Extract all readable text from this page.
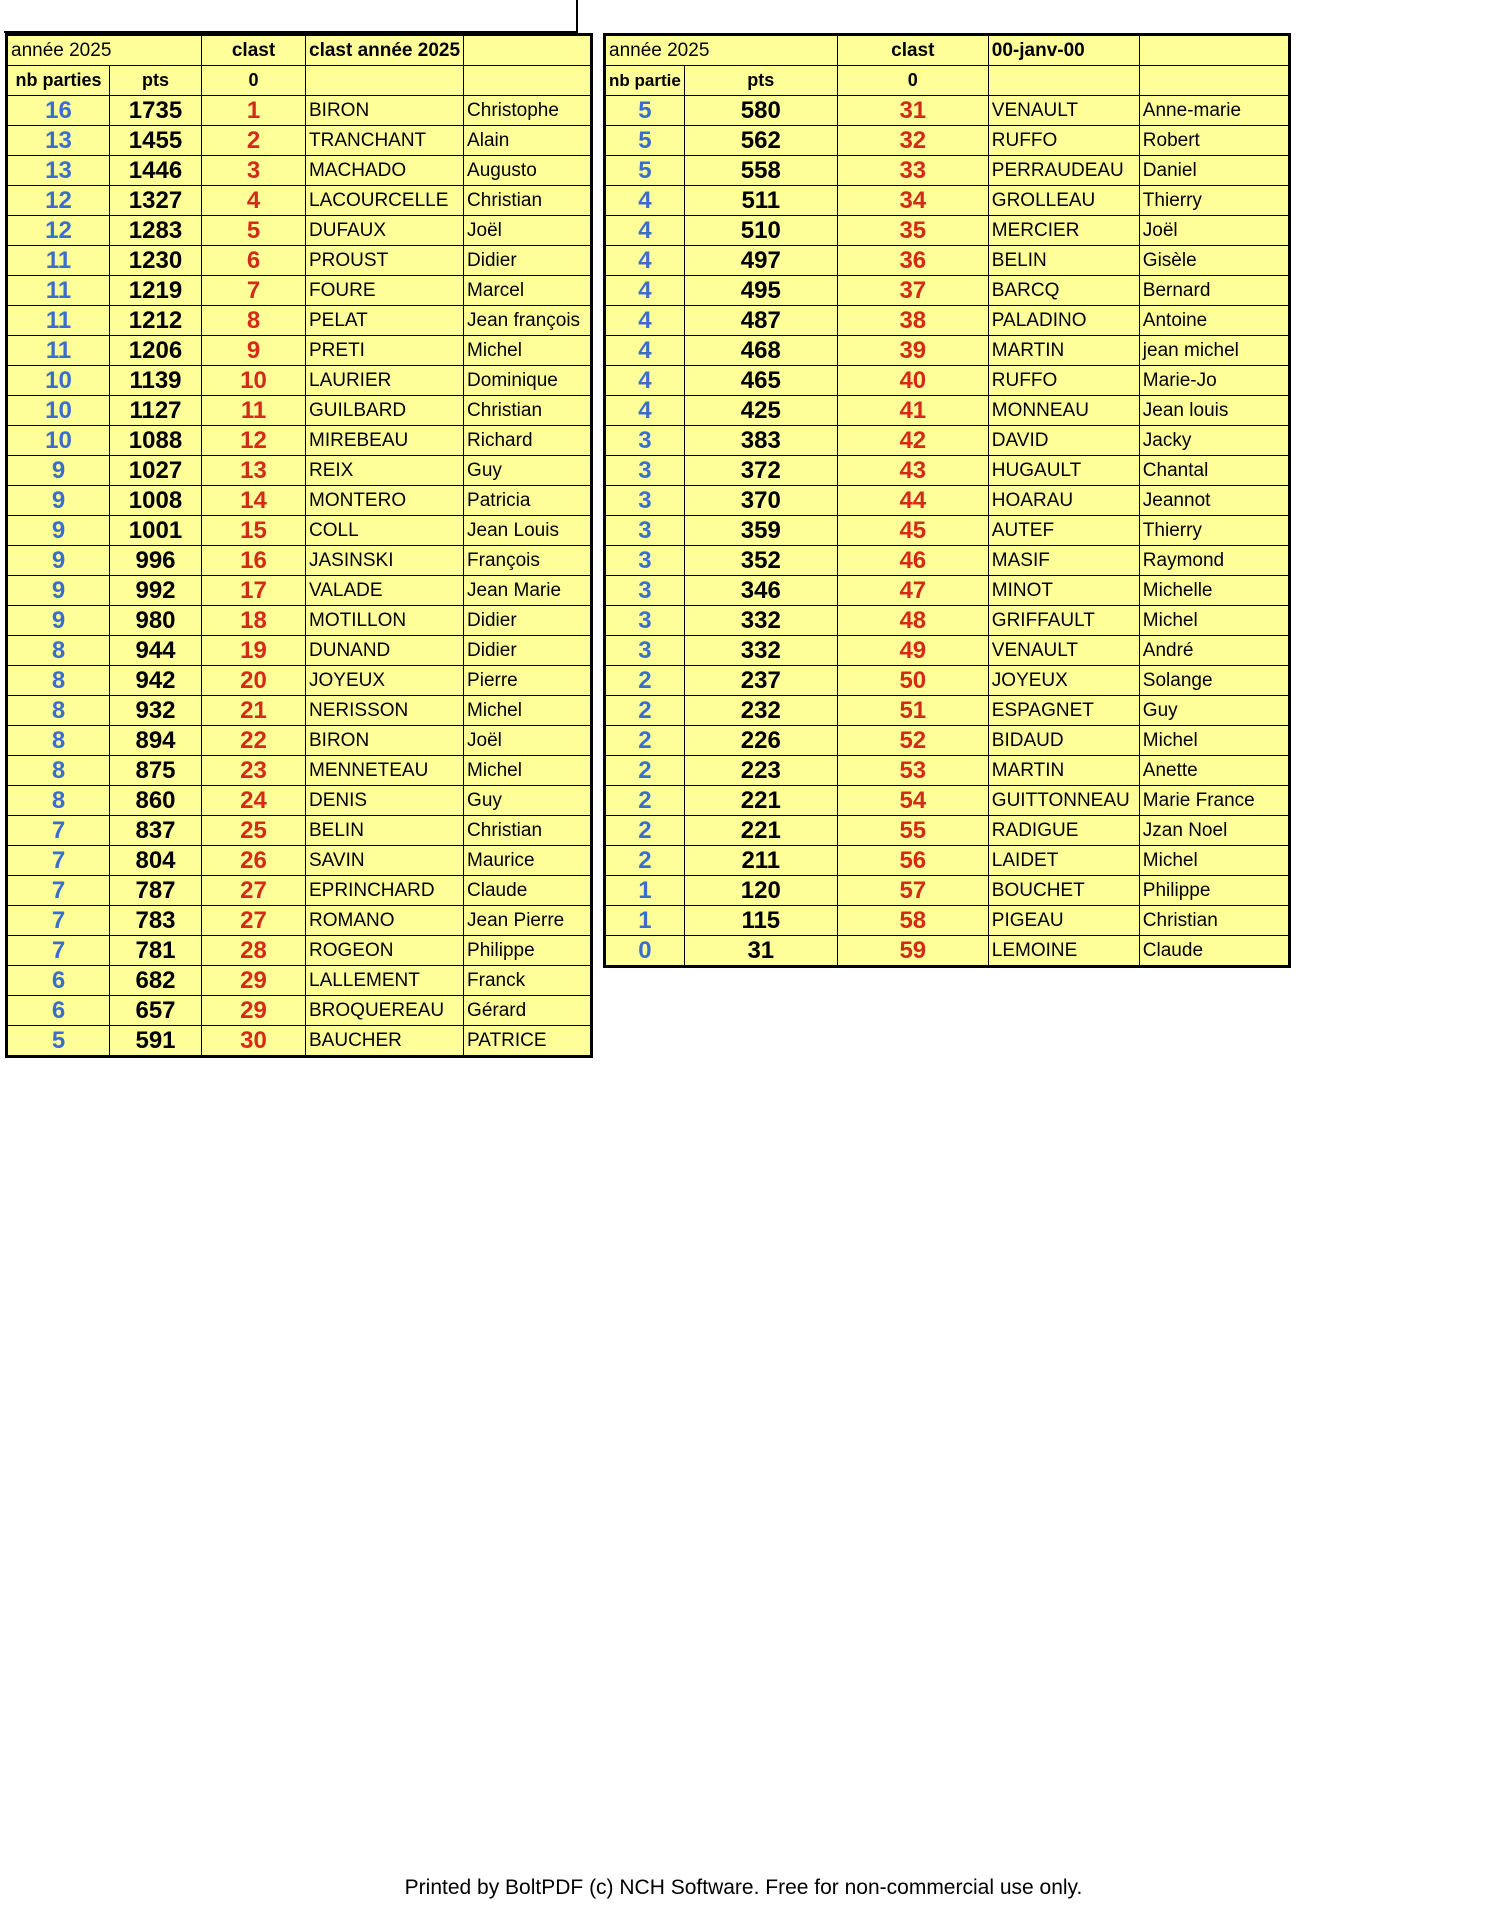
année 2025		clast	clast année 2025	
nb parties	pts	0		
16	1735	1	BIRON	Christophe
13	1455	2	TRANCHANT	Alain
13	1446	3	MACHADO	Augusto
12	1327	4	LACOURCELLE	Christian
12	1283	5	DUFAUX	Joël
11	1230	6	PROUST	Didier
11	1219	7	FOURE	Marcel
11	1212	8	PELAT	Jean françois
11	1206	9	PRETI	Michel
10	1139	10	LAURIER	Dominique
10	1127	11	GUILBARD	Christian
10	1088	12	MIREBEAU	Richard
9	1027	13	REIX	Guy
9	1008	14	MONTERO	Patricia
9	1001	15	COLL	Jean Louis
9	996	16	JASINSKI	François
9	992	17	VALADE	Jean Marie
9	980	18	MOTILLON	Didier
8	944	19	DUNAND	Didier
8	942	20	JOYEUX	Pierre
8	932	21	NERISSON	Michel
8	894	22	BIRON	Joël
8	875	23	MENNETEAU	Michel
8	860	24	DENIS	Guy
7	837	25	BELIN	Christian
7	804	26	SAVIN	Maurice
7	787	27	EPRINCHARD	Claude
7	783	27	ROMANO	Jean Pierre
7	781	28	ROGEON	Philippe
6	682	29	LALLEMENT	Franck
6	657	29	BROQUEREAU	Gérard
5	591	30	BAUCHER	PATRICE
année 2025		clast	00-janv-00	
nb partie	pts	0		
5	580	31	VENAULT	Anne-marie
5	562	32	RUFFO	Robert
5	558	33	PERRAUDEAU	Daniel
4	511	34	GROLLEAU	Thierry
4	510	35	MERCIER	Joël
4	497	36	BELIN	Gisèle
4	495	37	BARCQ	Bernard
4	487	38	PALADINO	Antoine
4	468	39	MARTIN	jean michel
4	465	40	RUFFO	Marie-Jo
4	425	41	MONNEAU	Jean louis
3	383	42	DAVID	Jacky
3	372	43	HUGAULT	Chantal
3	370	44	HOARAU	Jeannot
3	359	45	AUTEF	Thierry
3	352	46	MASIF	Raymond
3	346	47	MINOT	Michelle
3	332	48	GRIFFAULT	Michel
3	332	49	VENAULT	André
2	237	50	JOYEUX	Solange
2	232	51	ESPAGNET	Guy
2	226	52	BIDAUD	Michel
2	223	53	MARTIN	Anette
2	221	54	GUITTONNEAU	Marie France
2	221	55	RADIGUE	Jzan Noel
2	211	56	LAIDET	Michel
1	120	57	BOUCHET	Philippe
1	115	58	PIGEAU	Christian
0	31	59	LEMOINE	Claude
Printed by BoltPDF (c) NCH Software. Free for non-commercial use only.
